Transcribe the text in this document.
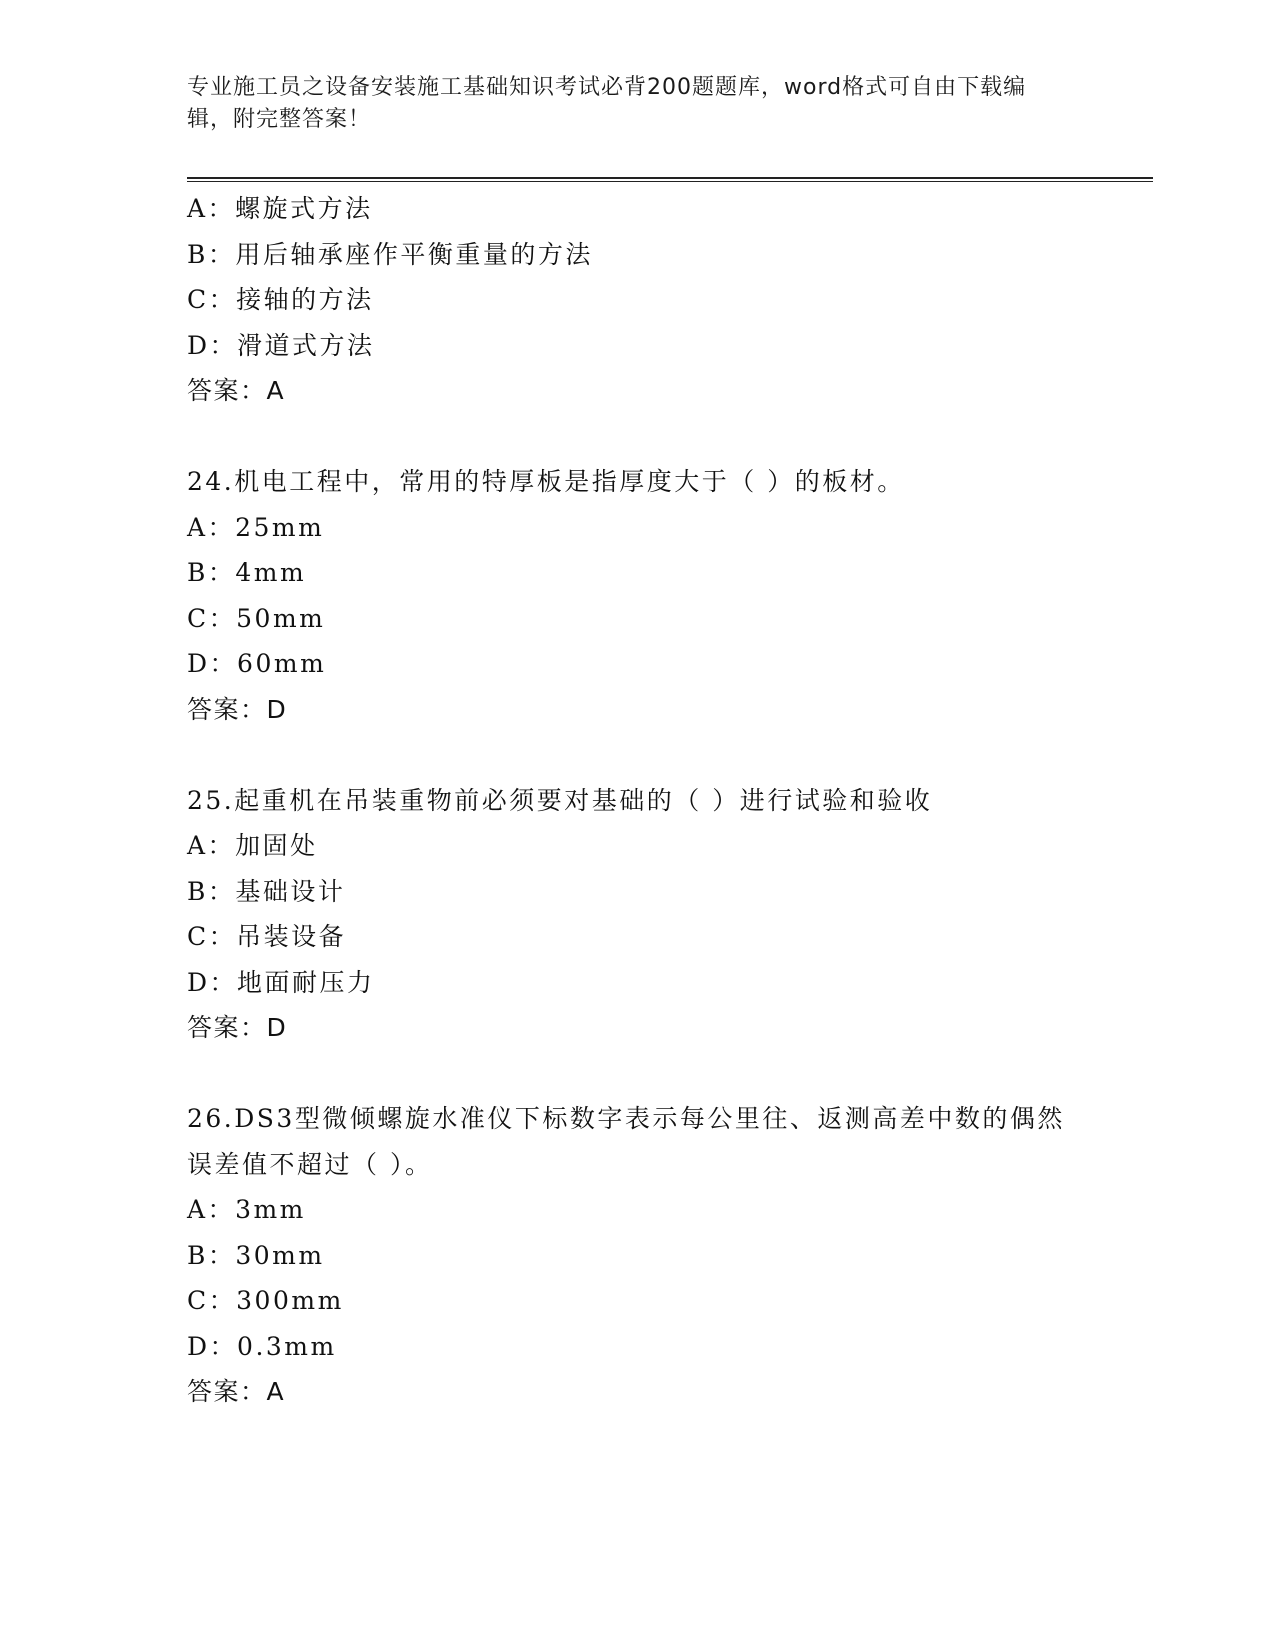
专业施工员之设备安装施工基础知识考试必背200题题库，word格式可自由下载编辑，附完整答案！
A：螺旋式方法
B：用后轴承座作平衡重量的方法
C：接轴的方法
D：滑道式方法
答案：A
24.机电工程中，常用的特厚板是指厚度大于（ ）的板材。
A：25mm
B：4mm
C：50mm
D：60mm
答案：D
25.起重机在吊装重物前必须要对基础的（ ）进行试验和验收
A：加固处
B：基础设计
C：吊装设备
D：地面耐压力
答案：D
26.DS3型微倾螺旋水准仪下标数字表示每公里往、返测高差中数的偶然误差值不超过（ ）。
A：3mm
B：30mm
C：300mm
D：0.3mm
答案：A
